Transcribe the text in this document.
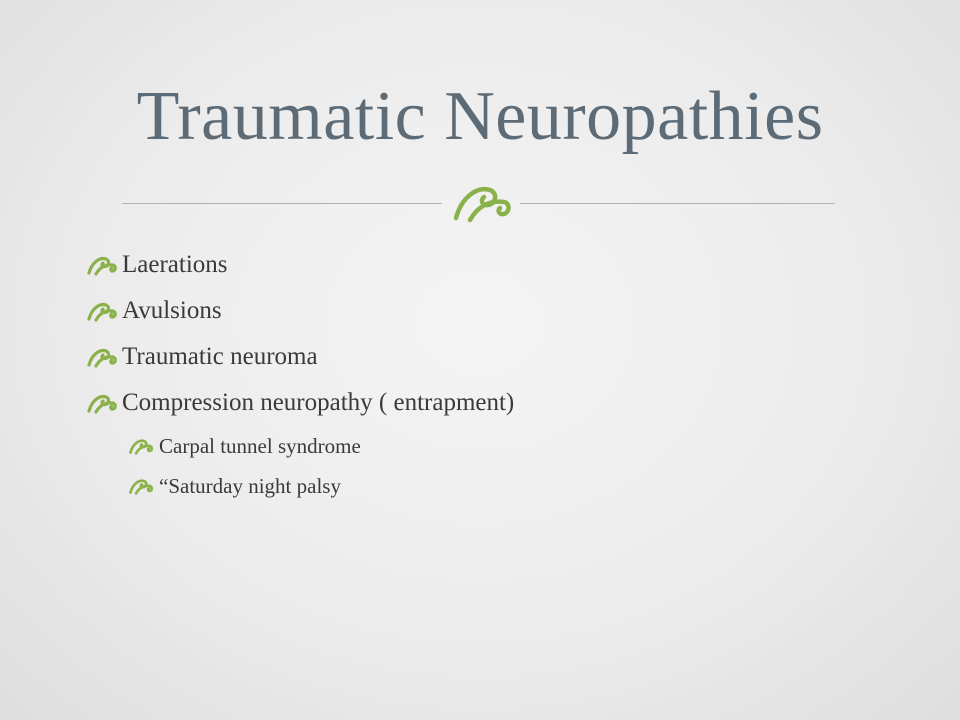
Traumatic Neuropathies
Laerations
Avulsions
Traumatic neuroma
Compression neuropathy ( entrapment)
Carpal tunnel syndrome
“Saturday night palsy
